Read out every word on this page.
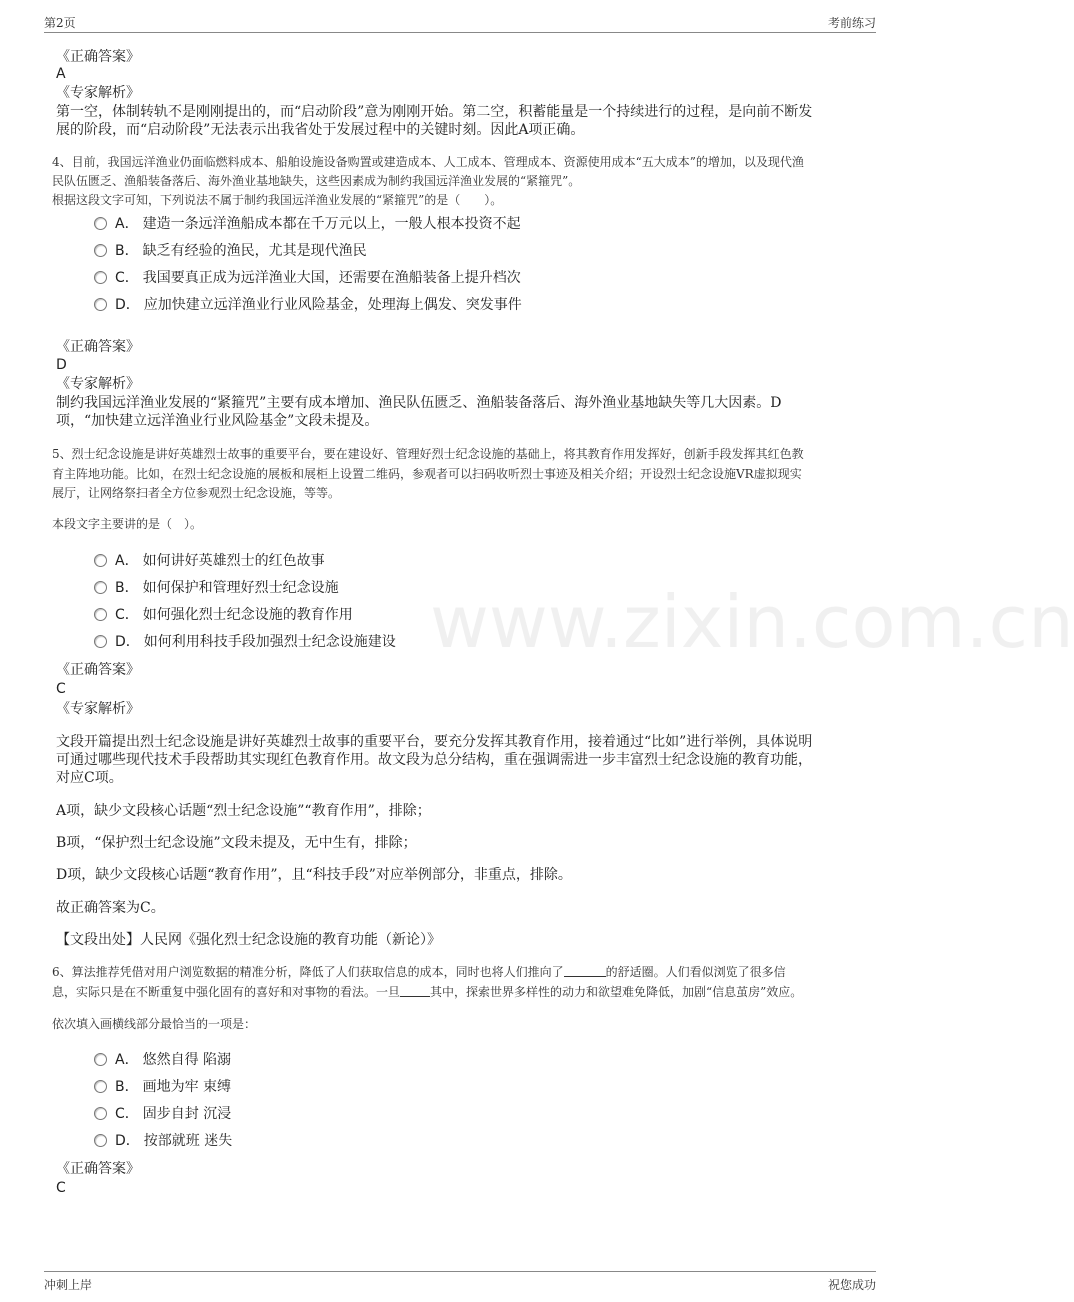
第2页	考前练习
www.zixin.com.cn
《正确答案》
A
《专家解析》
第一空，体制转轨不是刚刚提出的，而“启动阶段”意为刚刚开始。第二空，积蓄能量是一个持续进行的过程，是向前不断发
展的阶段，而“启动阶段”无法表示出我省处于发展过程中的关键时刻。因此A项正确。
4、目前，我国远洋渔业仍面临燃料成本、船舶设施设备购置或建造成本、人工成本、管理成本、资源使用成本“五大成本”的增加，以及现代渔
民队伍匮乏、渔船装备落后、海外渔业基地缺失，这些因素成为制约我国远洋渔业发展的“紧箍咒”。
根据这段文字可知，下列说法不属于制约我国远洋渔业发展的“紧箍咒”的是（　　）。
A． 建造一条远洋渔船成本都在千万元以上，一般人根本投资不起
B． 缺乏有经验的渔民，尤其是现代渔民
C． 我国要真正成为远洋渔业大国，还需要在渔船装备上提升档次
D． 应加快建立远洋渔业行业风险基金，处理海上偶发、突发事件
《正确答案》
D
《专家解析》
制约我国远洋渔业发展的“紧箍咒”主要有成本增加、渔民队伍匮乏、渔船装备落后、海外渔业基地缺失等几大因素。D
项，“加快建立远洋渔业行业风险基金”文段未提及。
5、烈士纪念设施是讲好英雄烈士故事的重要平台，要在建设好、管理好烈士纪念设施的基础上，将其教育作用发挥好，创新手段发挥其红色教
育主阵地功能。比如，在烈士纪念设施的展板和展柜上设置二维码，参观者可以扫码收听烈士事迹及相关介绍；开设烈士纪念设施VR虚拟现实
展厅，让网络祭扫者全方位参观烈士纪念设施，等等。
本段文字主要讲的是（　）。
A． 如何讲好英雄烈士的红色故事
B． 如何保护和管理好烈士纪念设施
C． 如何强化烈士纪念设施的教育作用
D． 如何利用科技手段加强烈士纪念设施建设
《正确答案》
C
《专家解析》
文段开篇提出烈士纪念设施是讲好英雄烈士故事的重要平台，要充分发挥其教育作用，接着通过“比如”进行举例，具体说明
可通过哪些现代技术手段帮助其实现红色教育作用。故文段为总分结构，重在强调需进一步丰富烈士纪念设施的教育功能，
对应C项。
A项，缺少文段核心话题“烈士纪念设施”“教育作用”，排除；
B项，“保护烈士纪念设施”文段未提及，无中生有，排除；
D项，缺少文段核心话题“教育作用”，且“科技手段”对应举例部分，非重点，排除。
故正确答案为C。
【文段出处】人民网《强化烈士纪念设施的教育功能（新论）》
6、算法推荐凭借对用户浏览数据的精准分析，降低了人们获取信息的成本，同时也将人们推向了	的舒适圈。人们看似浏览了很多信
息，实际只是在不断重复中强化固有的喜好和对事物的看法。一旦	其中，探索世界多样性的动力和欲望难免降低，加剧“信息茧房”效应。
依次填入画横线部分最恰当的一项是：
A． 悠然自得 陷溺
B． 画地为牢 束缚
C． 固步自封 沉浸
D． 按部就班 迷失
《正确答案》
C
冲刺上岸	祝您成功
